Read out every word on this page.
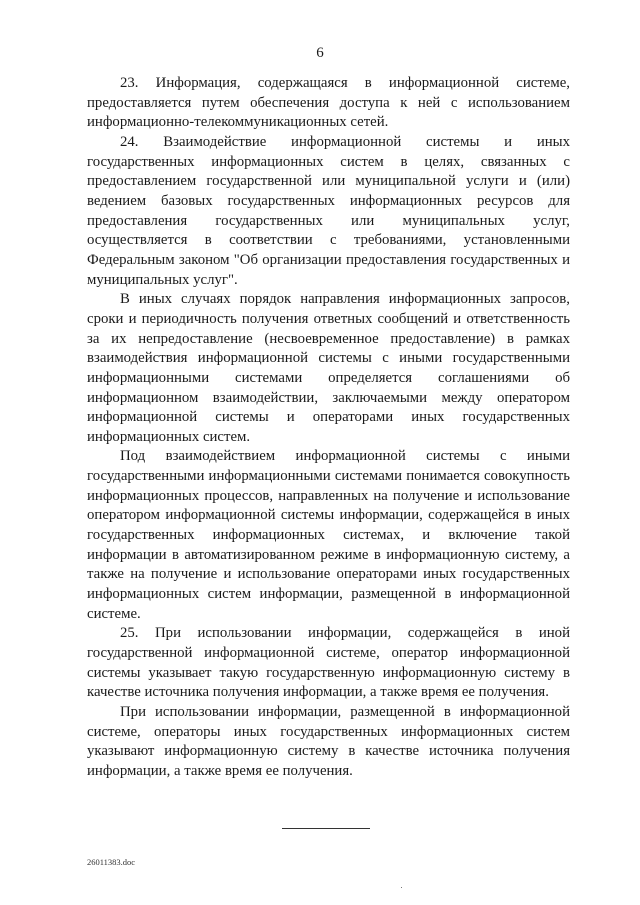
6

23. Информация, содержащаяся в информационной системе, предоставляется путем обеспечения доступа к ней с использованием информационно-телекоммуникационных сетей.

24. Взаимодействие информационной системы и иных государственных информационных систем в целях, связанных с предоставлением государственной или муниципальной услуги и (или) ведением базовых государственных информационных ресурсов для предоставления государственных или муниципальных услуг, осуществляется в соответствии с требованиями, установленными Федеральным законом "Об организации предоставления государственных и муниципальных услуг".

В иных случаях порядок направления информационных запросов, сроки и периодичность получения ответных сообщений и ответственность за их непредоставление (несвоевременное предоставление) в рамках взаимодействия информационной системы с иными государственными информационными системами определяется соглашениями об информационном взаимодействии, заключаемыми между оператором информационной системы и операторами иных государственных информационных систем.

Под взаимодействием информационной системы с иными государственными информационными системами понимается совокупность информационных процессов, направленных на получение и использование оператором информационной системы информации, содержащейся в иных государственных информационных системах, и включение такой информации в автоматизированном режиме в информационную систему, а также на получение и использование операторами иных государственных информационных систем информации, размещенной в информационной системе.

25. При использовании информации, содержащейся в иной государственной информационной системе, оператор информационной системы указывает такую государственную информационную систему в качестве источника получения информации, а также время ее получения.

При использовании информации, размещенной в информационной системе, операторы иных государственных информационных систем указывают информационную систему в качестве источника получения информации, а также время ее получения.

26011383.doc
